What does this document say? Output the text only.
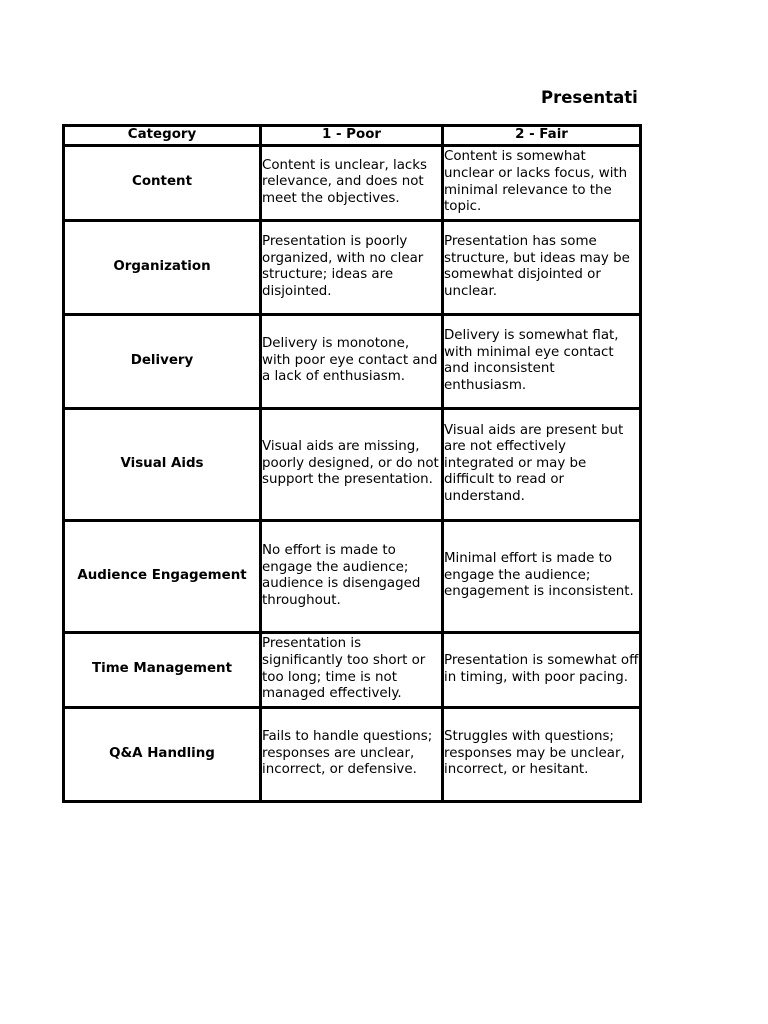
Presentati
Category	1 - Poor	2 - Fair
Content	Content is unclear, lacks relevance, and does not meet the objectives.	Content is somewhat unclear or lacks focus, with minimal relevance to the topic.
Organization	Presentation is poorly organized, with no clear structure; ideas are disjointed.	Presentation has some structure, but ideas may be somewhat disjointed or unclear.
Delivery	Delivery is monotone, with poor eye contact and a lack of enthusiasm.	Delivery is somewhat flat, with minimal eye contact and inconsistent enthusiasm.
Visual Aids	Visual aids are missing, poorly designed, or do not support the presentation.	Visual aids are present but are not effectively integrated or may be difficult to read or understand.
Audience Engagement	No effort is made to engage the audience; audience is disengaged throughout.	Minimal effort is made to engage the audience; engagement is inconsistent.
Time Management	Presentation is significantly too short or too long; time is not managed effectively.	Presentation is somewhat off in timing, with poor pacing.
Q&A Handling	Fails to handle questions; responses are unclear, incorrect, or defensive.	Struggles with questions; responses may be unclear, incorrect, or hesitant.
